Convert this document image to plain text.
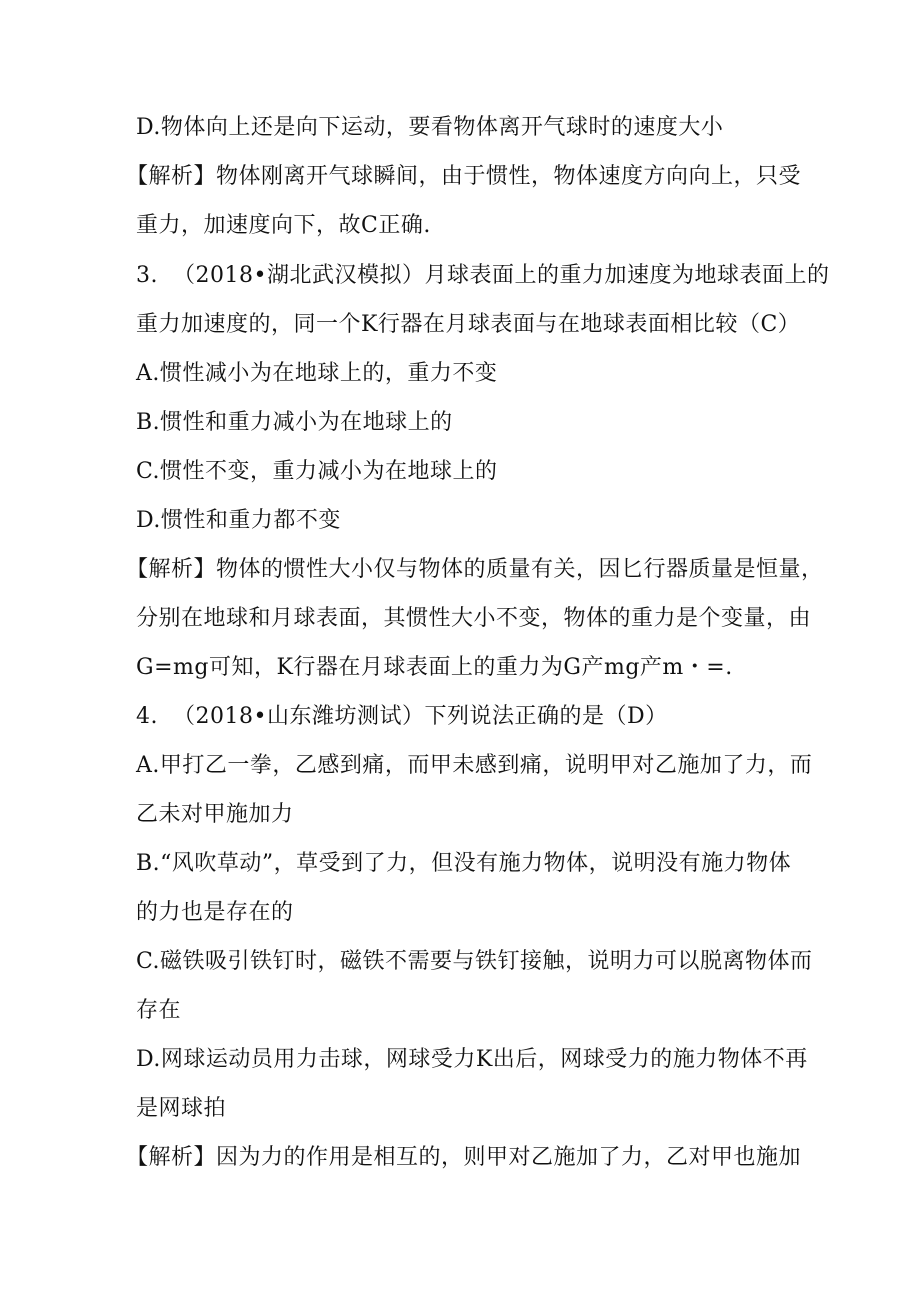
D.物体向上还是向下运动，要看物体离开气球时的速度大小
【解析】物体刚离开气球瞬间，由于惯性，物体速度方向向上，只受
重力，加速度向下，故C正确.
3.  （2018•湖北武汉模拟）月球表面上的重力加速度为地球表面上的
重力加速度的，同一个K行器在月球表面与在地球表面相比较（C）
A.惯性减小为在地球上的，重力不变
B.惯性和重力减小为在地球上的
C.惯性不变，重力减小为在地球上的
D.惯性和重力都不变
【解析】物体的惯性大小仅与物体的质量有关，因匕行器质量是恒量，
分别在地球和月球表面，其惯性大小不变，物体的重力是个变量，由
G=mg可知，K行器在月球表面上的重力为G产mg产m・=.
4.  （2018•山东潍坊测试）下列说法正确的是（D）
A.甲打乙一拳，乙感到痛，而甲未感到痛，说明甲对乙施加了力，而
乙未对甲施加力
B.“风吹草动”，草受到了力，但没有施力物体，说明没有施力物体
的力也是存在的
C.磁铁吸引铁钉时，磁铁不需要与铁钉接触，说明力可以脱离物体而
存在
D.网球运动员用力击球，网球受力K出后，网球受力的施力物体不再
是网球拍
【解析】因为力的作用是相互的，则甲对乙施加了力，乙对甲也施加
